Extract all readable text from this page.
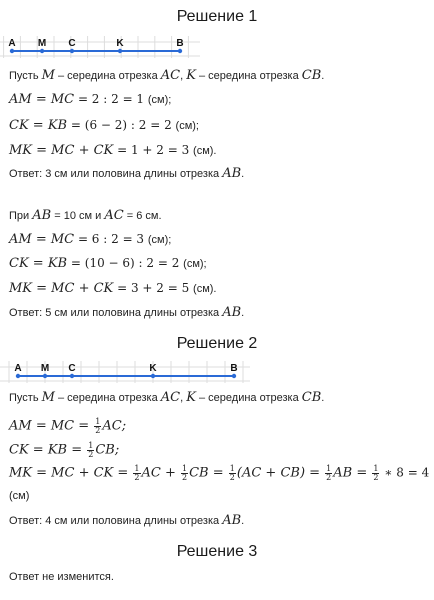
Решение 1
A M C	K	B
Пусть M – середина отрезка AC, K – середина отрезка CB.
AM = MC = 2 : 2 = 1 (см);
CK = KB = (6 − 2) : 2 = 2 (см);
MK = MC + CK = 1 + 2 = 3 (см).
Ответ: 3 см или половина длины отрезка AB.
При AB = 10 см и AC = 6 см.
AM = MC = 6 : 2 = 3 (см);
CK = KB = (10 − 6) : 2 = 2 (см);
MK = MC + CK = 3 + 2 = 5 (см).
Ответ: 5 см или половина длины отрезка AB.
Решение 2
A M C	K	B
Пусть M – середина отрезка AC, K – середина отрезка CB.
AM = MC = $\frac{1}{2}$ AC;
CK = KB = $\frac{1}{2}$ CB;
MK = MC + CK = $\frac{1}{2}$ AC + $\frac{1}{2}$ CB = $\frac{1}{2} (AC + CB) = \frac{1}{2}$ AB = $\frac{1}{2}$ ∗ 8 = 4
(см)
Ответ: 4 см или половина длины отрезка AB.
Решение 3
Ответ не изменится.
